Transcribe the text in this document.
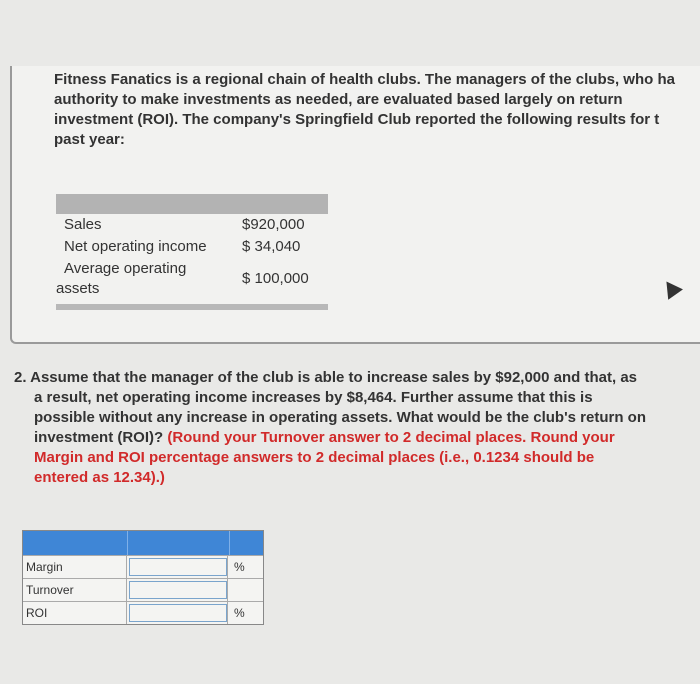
Fitness Fanatics is a regional chain of health clubs. The managers of the clubs, who ha
authority to make investments as needed, are evaluated based largely on return
investment (ROI). The company's Springfield Club reported the following results for t
past year:
Sales	$920,000
Net operating income $ 34,040
Average operating
assets
$ 100,000
2. Assume that the manager of the club is able to increase sales by $92,000 and that, as
a result, net operating income increases by $8,464. Further assume that this is
possible without any increase in operating assets. What would be the club's return on
investment (ROI)? (Round your Turnover answer to 2 decimal places. Round your
Margin and ROI percentage answers to 2 decimal places (i.e., 0.1234 should be
entered as 12.34).)
Margin	%
Turnover
ROI	%
